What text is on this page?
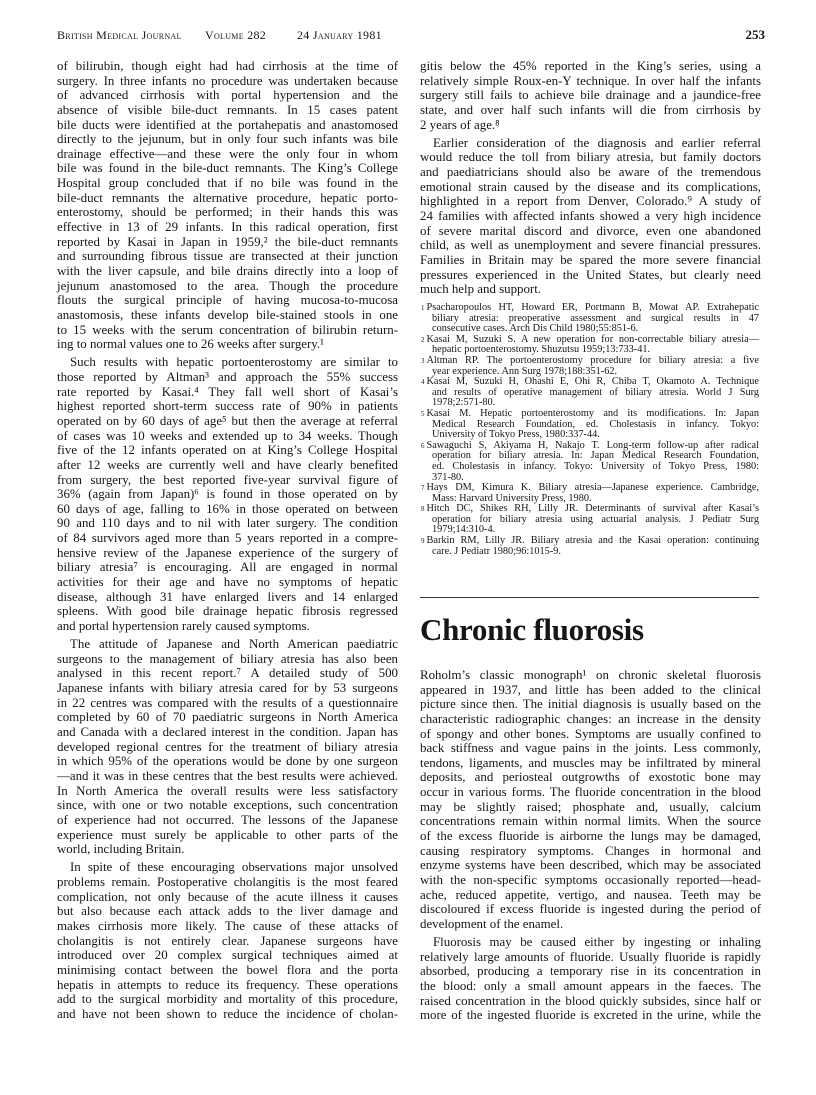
British Medical Journal Volume 282	24 January 1981	253
of bilirubin, though eight had had cirrhosis at the time of
surgery. In three infants no procedure was undertaken because
of advanced cirrhosis with portal hypertension and the
absence of visible bile-duct remnants. In 15 cases patent
bile ducts were identified at the portahepatis and anastomosed
directly to the jejunum, but in only four such infants was bile
drainage effective—and these were the only four in whom
bile was found in the bile-duct remnants. The King’s College
Hospital group concluded that if no bile was found in the
bile-duct remnants the alternative procedure, hepatic porto-
enterostomy, should be performed; in their hands this was
effective in 13 of 29 infants. In this radical operation, first
reported by Kasai in Japan in 1959,² the bile-duct remnants
and surrounding fibrous tissue are transected at their junction
with the liver capsule, and bile drains directly into a loop of
jejunum anastomosed to the area. Though the procedure
flouts the surgical principle of having mucosa-to-mucosa
anastomosis, these infants develop bile-stained stools in one
to 15 weeks with the serum concentration of bilirubin return-
ing to normal values one to 26 weeks after surgery.¹
Such results with hepatic portoenterostomy are similar to
those reported by Altman³ and approach the 55% success
rate reported by Kasai.⁴ They fall well short of Kasai’s
highest reported short-term success rate of 90% in patients
operated on by 60 days of age⁵ but then the average at referral
of cases was 10 weeks and extended up to 34 weeks. Though
five of the 12 infants operated on at King’s College Hospital
after 12 weeks are currently well and have clearly benefited
from surgery, the best reported five-year survival figure of
36% (again from Japan)⁶ is found in those operated on by
60 days of age, falling to 16% in those operated on between
90 and 110 days and to nil with later surgery. The condition
of 84 survivors aged more than 5 years reported in a compre-
hensive review of the Japanese experience of the surgery of
biliary atresia⁷ is encouraging. All are engaged in normal
activities for their age and have no symptoms of hepatic
disease, although 31 have enlarged livers and 14 enlarged
spleens. With good bile drainage hepatic fibrosis regressed
and portal hypertension rarely caused symptoms.
The attitude of Japanese and North American paediatric
surgeons to the management of biliary atresia has also been
analysed in this recent report.⁷ A detailed study of 500
Japanese infants with biliary atresia cared for by 53 surgeons
in 22 centres was compared with the results of a questionnaire
completed by 60 of 70 paediatric surgeons in North America
and Canada with a declared interest in the condition. Japan has
developed regional centres for the treatment of biliary atresia
in which 95% of the operations would be done by one surgeon
—and it was in these centres that the best results were achieved.
In North America the overall results were less satisfactory
since, with one or two notable exceptions, such concentration
of experience had not occurred. The lessons of the Japanese
experience must surely be applicable to other parts of the
world, including Britain.
In spite of these encouraging observations major unsolved
problems remain. Postoperative cholangitis is the most feared
complication, not only because of the acute illness it causes
but also because each attack adds to the liver damage and
makes cirrhosis more likely. The cause of these attacks of
cholangitis is not entirely clear. Japanese surgeons have
introduced over 20 complex surgical techniques aimed at
minimising contact between the bowel flora and the porta
hepatis in attempts to reduce its frequency. These operations
add to the surgical morbidity and mortality of this procedure,
and have not been shown to reduce the incidence of cholan-
gitis below the 45% reported in the King’s series, using a
relatively simple Roux-en-Y technique. In over half the infants
surgery still fails to achieve bile drainage and a jaundice-free
state, and over half such infants will die from cirrhosis by
2 years of age.⁸
Earlier consideration of the diagnosis and earlier referral
would reduce the toll from biliary atresia, but family doctors
and paediatricians should also be aware of the tremendous
emotional strain caused by the disease and its complications,
highlighted in a report from Denver, Colorado.⁹ A study of
24 families with affected infants showed a very high incidence
of severe marital discord and divorce, even one abandoned
child, as well as unemployment and severe financial pressures.
Families in Britain may be spared the more severe financial
pressures experienced in the United States, but clearly need
much help and support.
$^1$ Psacharopoulos HT, Howard ER, Portmann B, Mowat AP. Extrahepatic
biliary atresia: preoperative assessment and surgical results in 47
consecutive cases. Arch Dis Child 1980;55:851-6.
$^2$ Kasai M, Suzuki S. A new operation for non-correctable biliary atresia—
hepatic portoenterostomy. Shuzutsu 1959;13:733-41.
$^3$ Altman RP. The portoenterostomy procedure for biliary atresia: a five
year experience. Ann Surg 1978;188:351-62.
$^4$ Kasai M, Suzuki H, Ohashi E, Ohi R, Chiba T, Okamoto A. Technique
and results of operative management of biliary atresia. World J Surg
1978;2:571-80.
$^5$ Kasai M. Hepatic portoenterostomy and its modifications. In: Japan
Medical Research Foundation, ed. Cholestasis in infancy. Tokyo:
University of Tokyo Press, 1980:337-44.
$^6$ Sawaguchi S, Akiyama H, Nakajo T. Long-term follow-up after radical
operation for biliary atresia. In: Japan Medical Research Foundation,
ed. Cholestasis in infancy. Tokyo: University of Tokyo Press, 1980:
371-80.
$^7$ Hays DM, Kimura K. Biliary atresia—Japanese experience. Cambridge,
Mass: Harvard University Press, 1980.
$^8$ Hitch DC, Shikes RH, Lilly JR. Determinants of survival after Kasai’s
operation for biliary atresia using actuarial analysis. J Pediatr Surg
1979;14:310-4.
$^9$ Barkin RM, Lilly JR. Biliary atresia and the Kasai operation: continuing
care. J Pediatr 1980;96:1015-9.
Chronic fluorosis
Roholm’s classic monograph¹ on chronic skeletal fluorosis
appeared in 1937, and little has been added to the clinical
picture since then. The initial diagnosis is usually based on the
characteristic radiographic changes: an increase in the density
of spongy and other bones. Symptoms are usually confined to
back stiffness and vague pains in the joints. Less commonly,
tendons, ligaments, and muscles may be infiltrated by mineral
deposits, and periosteal outgrowths of exostotic bone may
occur in various forms. The fluoride concentration in the blood
may be slightly raised; phosphate and, usually, calcium
concentrations remain within normal limits. When the source
of the excess fluoride is airborne the lungs may be damaged,
causing respiratory symptoms. Changes in hormonal and
enzyme systems have been described, which may be associated
with the non-specific symptoms occasionally reported—head-
ache, reduced appetite, vertigo, and nausea. Teeth may be
discoloured if excess fluoride is ingested during the period of
development of the enamel.
Fluorosis may be caused either by ingesting or inhaling
relatively large amounts of fluoride. Usually fluoride is rapidly
absorbed, producing a temporary rise in its concentration in
the blood: only a small amount appears in the faeces. The
raised concentration in the blood quickly subsides, since half or
more of the ingested fluoride is excreted in the urine, while the
